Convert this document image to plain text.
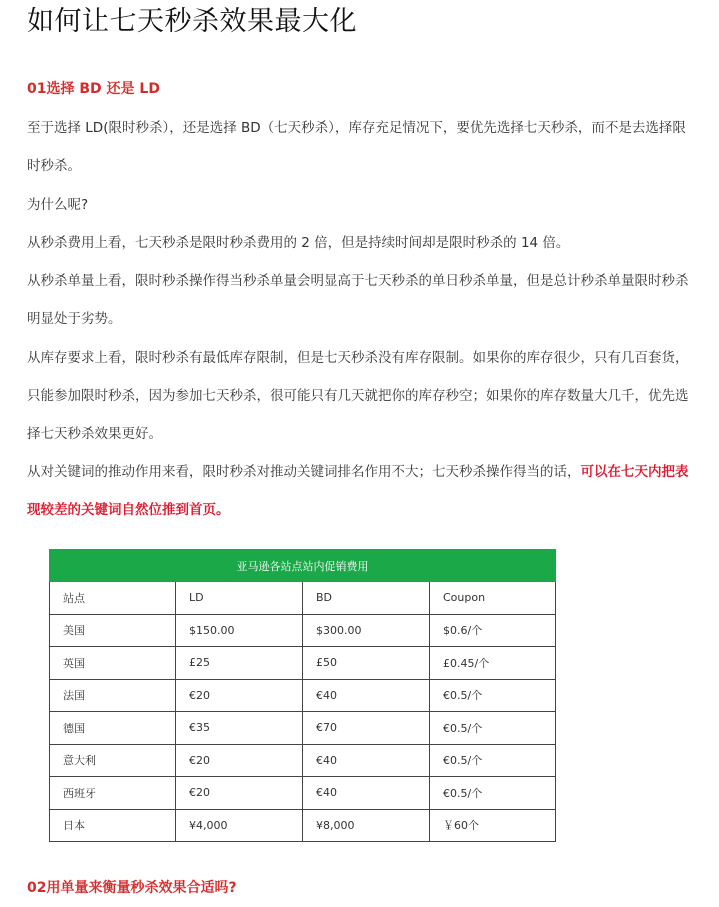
如何让七天秒杀效果最大化
01选择 BD 还是 LD

至于选择 LD(限时秒杀），还是选择 BD（七天秒杀），库存充足情况下，要优先选择七天秒杀，而不是去选择限时秒杀。

为什么呢?

从秒杀费用上看，七天秒杀是限时秒杀费用的 2 倍，但是持续时间却是限时秒杀的 14 倍。

从秒杀单量上看，限时秒杀操作得当秒杀单量会明显高于七天秒杀的单日秒杀单量，但是总计秒杀单量限时秒杀明显处于劣势。

从库存要求上看，限时秒杀有最低库存限制，但是七天秒杀没有库存限制。如果你的库存很少，只有几百套货，只能参加限时秒杀，因为参加七天秒杀，很可能只有几天就把你的库存秒空；如果你的库存数量大几千，优先选择七天秒杀效果更好。

从对关键词的推动作用来看，限时秒杀对推动关键词排名作用不大；七天秒杀操作得当的话，可以在七天内把表现较差的关键词自然位推到首页。

亚马逊各站点站内促销费用			
站点	LD	BD	Coupon
美国	$150.00	$300.00	$0.6/个
英国	£25	£50	£0.45/个
法国	€20	€40	€0.5/个
德国	€35	€70	€0.5/个
意大利	€20	€40	€0.5/个
西班牙	€20	€40	€0.5/个
日本	¥4,000	¥8,000	￥60个
02用单量来衡量秒杀效果合适吗?
